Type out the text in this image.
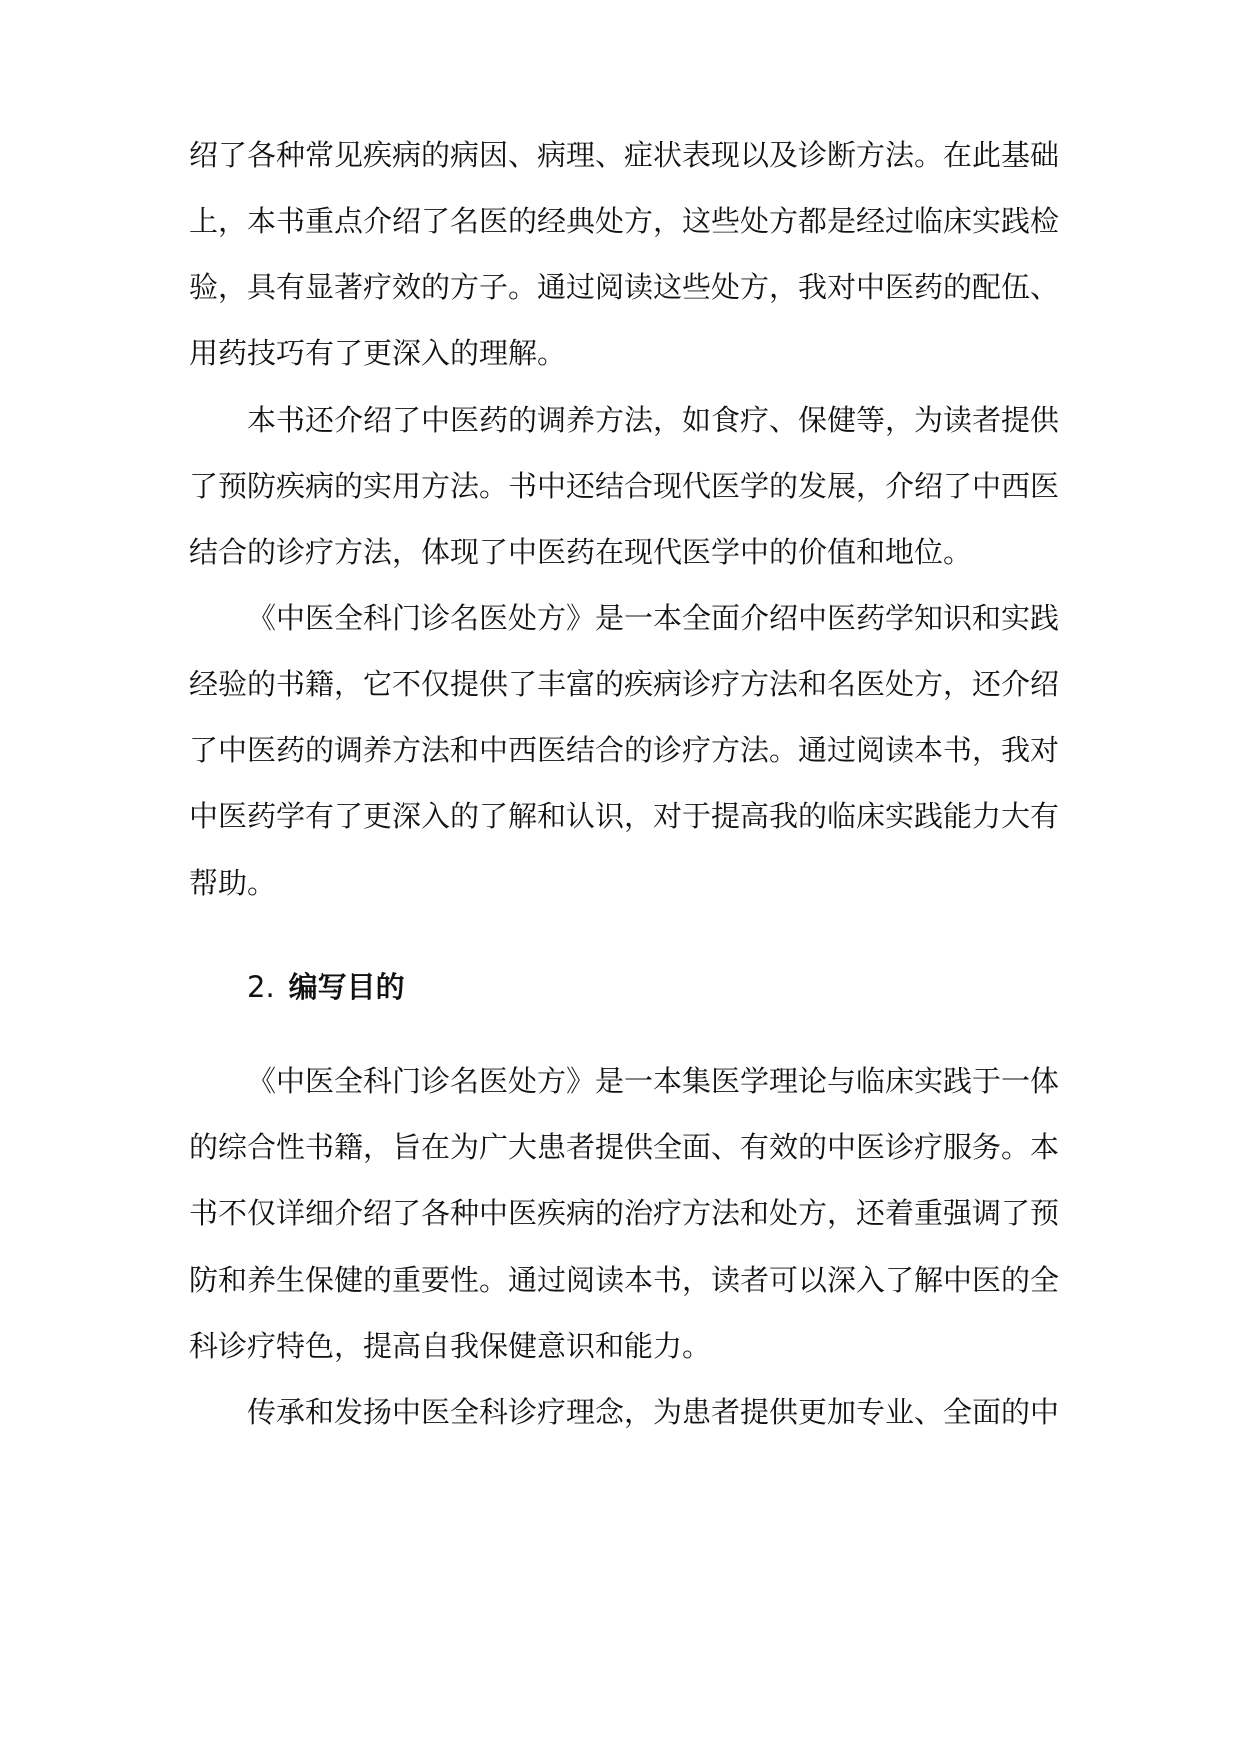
绍了各种常见疾病的病因、病理、症状表现以及诊断方法。在此基础
上，本书重点介绍了名医的经典处方，这些处方都是经过临床实践检
验，具有显著疗效的方子。通过阅读这些处方，我对中医药的配伍、
用药技巧有了更深入的理解。
本书还介绍了中医药的调养方法，如食疗、保健等，为读者提供
了预防疾病的实用方法。书中还结合现代医学的发展，介绍了中西医
结合的诊疗方法，体现了中医药在现代医学中的价值和地位。
《中医全科门诊名医处方》是一本全面介绍中医药学知识和实践
经验的书籍，它不仅提供了丰富的疾病诊疗方法和名医处方，还介绍
了中医药的调养方法和中西医结合的诊疗方法。通过阅读本书，我对
中医药学有了更深入的了解和认识，对于提高我的临床实践能力大有
帮助。
2. 编写目的
《中医全科门诊名医处方》是一本集医学理论与临床实践于一体
的综合性书籍，旨在为广大患者提供全面、有效的中医诊疗服务。本
书不仅详细介绍了各种中医疾病的治疗方法和处方，还着重强调了预
防和养生保健的重要性。通过阅读本书，读者可以深入了解中医的全
科诊疗特色，提高自我保健意识和能力。
传承和发扬中医全科诊疗理念，为患者提供更加专业、全面的中
